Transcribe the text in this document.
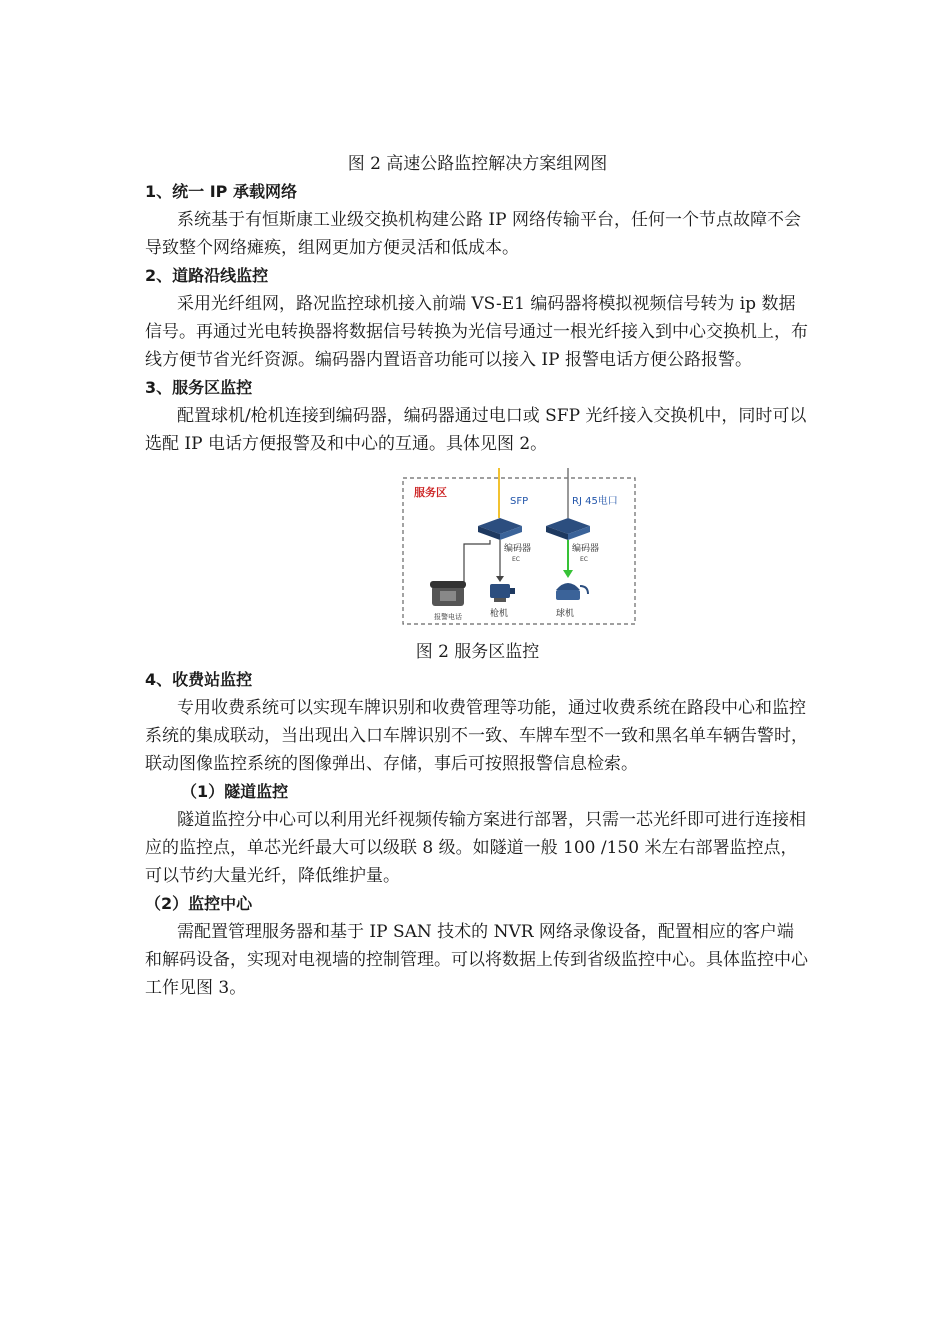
图 2 高速公路监控解决方案组网图

1、统一 IP 承载网络

系统基于有恒斯康工业级交换机构建公路 IP 网络传输平台，任何一个节点故障不会导致整个网络瘫痪，组网更加方便灵活和低成本。

2、道路沿线监控

采用光纤组网，路况监控球机接入前端 VS-E1 编码器将模拟视频信号转为 ip 数据信号。再通过光电转换器将数据信号转换为光信号通过一根光纤接入到中心交换机上，布线方便节省光纤资源。编码器内置语音功能可以接入 IP 报警电话方便公路报警。

3、服务区监控

配置球机/枪机连接到编码器，编码器通过电口或 SFP 光纤接入交换机中，同时可以选配 IP 电话方便报警及和中心的互通。具体见图 2。

服务区
SFP	RJ 45电口
编码器
EC
编码器
EC
报警电话	枪机	球机

图 2 服务区监控

4、收费站监控

专用收费系统可以实现车牌识别和收费管理等功能，通过收费系统在路段中心和监控系统的集成联动，当出现出入口车牌识别不一致、车牌车型不一致和黑名单车辆告警时，联动图像监控系统的图像弹出、存储，事后可按照报警信息检索。

（1）隧道监控

隧道监控分中心可以利用光纤视频传输方案进行部署，只需一芯光纤即可进行连接相应的监控点，单芯光纤最大可以级联 8 级。如隧道一般 100 /150 米左右部署监控点，可以节约大量光纤，降低维护量。

（2）监控中心

需配置管理服务器和基于 IP SAN 技术的 NVR 网络录像设备，配置相应的客户端和解码设备，实现对电视墙的控制管理。可以将数据上传到省级监控中心。具体监控中心工作见图 3。
